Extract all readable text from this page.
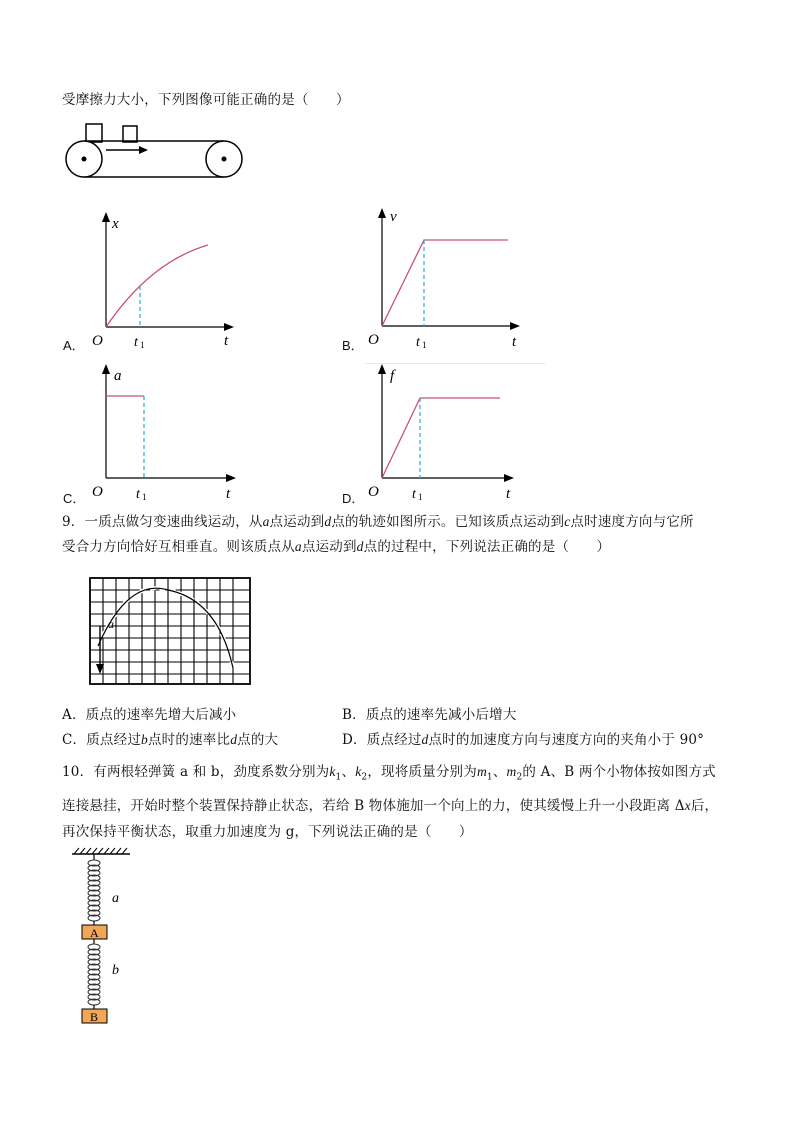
受摩擦力大小，下列图像可能正确的是（　　）
A．
x
O t 1	t	B．
v
O	t 1	t
C．
a
O t 1	t	D．
f
O t 1	t
9．一质点做匀变速曲线运动，从a点运动到d点的轨迹如图所示。已知该质点运动到c点时速度方向与它所
受合力方向恰好互相垂直。则该质点从a点运动到d点的过程中，下列说法正确的是（　　）
a
A．质点的速率先增大后减小	B．质点的速率先减小后增大
C．质点经过b点时的速率比d点的大	D．质点经过d点时的加速度方向与速度方向的夹角小于 90°
10．有两根轻弹簧 a 和 b，劲度系数分别为$k_1$、$k_2$，现将质量分别为$m_1$、$m_2$的 A、B 两个小物体按如图方式
连接悬挂，开始时整个装置保持静止状态，若给 B 物体施加一个向上的力，使其缓慢上升一小段距离 Δx后，
再次保持平衡状态，取重力加速度为 g，下列说法正确的是（　　）
A
B
a
b
